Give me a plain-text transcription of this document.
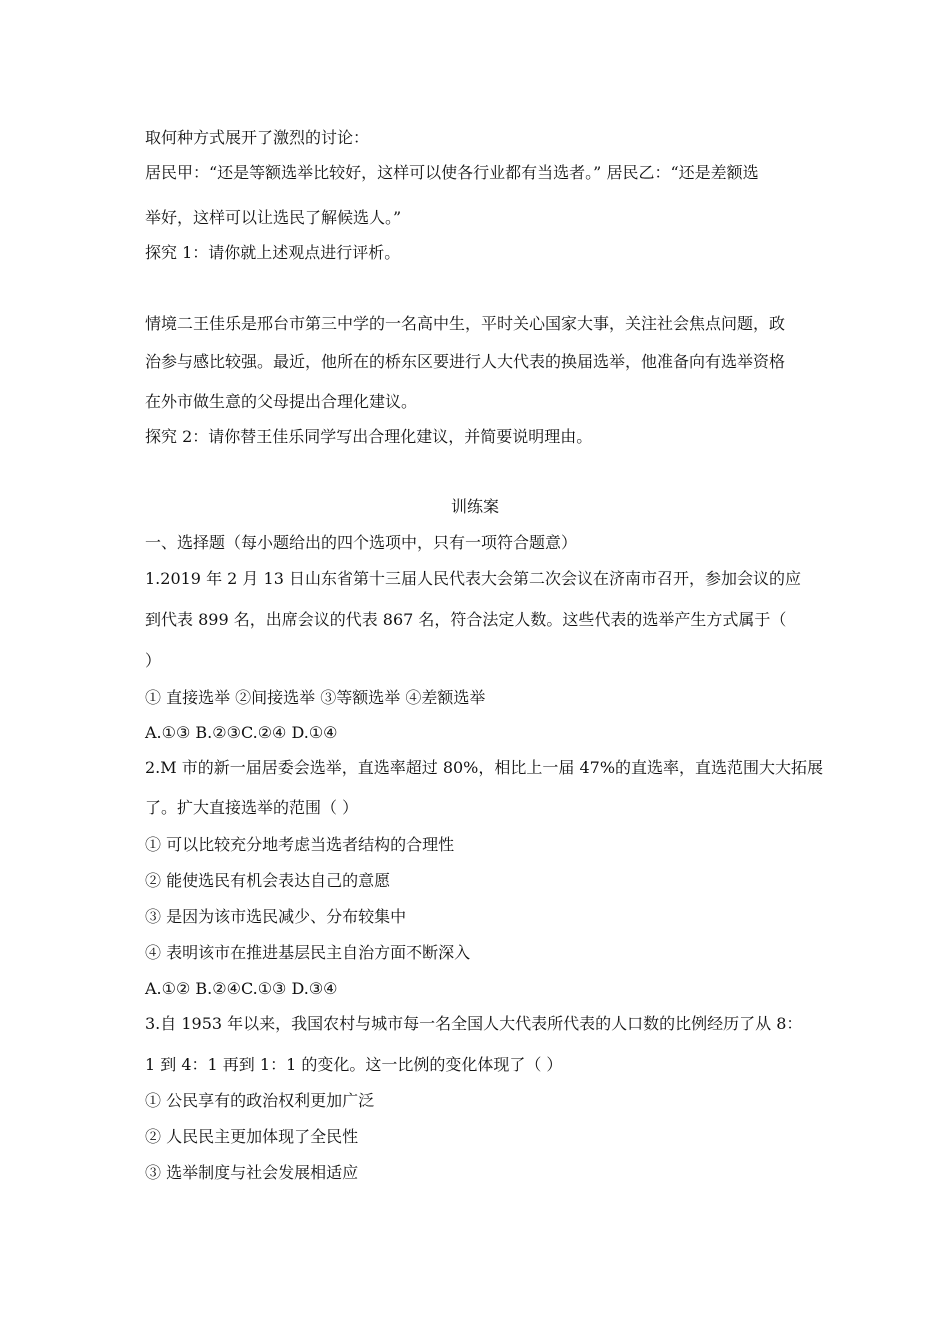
取何种方式展开了激烈的讨论：
居民甲：“还是等额选举比较好，这样可以使各行业都有当选者。” 居民乙：“还是差额选
举好，这样可以让选民了解候选人。”
探究 1：请你就上述观点进行评析。
情境二王佳乐是邢台市第三中学的一名高中生，平时关心国家大事，关注社会焦点问题，政
治参与感比较强。最近，他所在的桥东区要进行人大代表的换届选举，他准备向有选举资格
在外市做生意的父母提出合理化建议。
探究 2：请你替王佳乐同学写出合理化建议，并简要说明理由。
训练案
一、选择题（每小题给出的四个选项中，只有一项符合题意）
1.2019 年 2 月 13 日山东省第十三届人民代表大会第二次会议在济南市召开，参加会议的应
到代表 899 名，出席会议的代表 867 名，符合法定人数。这些代表的选举产生方式属于（
）
① 直接选举 ②间接选举 ③等额选举 ④差额选举
A.①③ B.②③C.②④ D.①④
2.M 市的新一届居委会选举，直选率超过 80%，相比上一届 47%的直选率，直选范围大大拓展
了。扩大直接选举的范围（ ）
① 可以比较充分地考虑当选者结构的合理性
② 能使选民有机会表达自己的意愿
③ 是因为该市选民减少、分布较集中
④ 表明该市在推进基层民主自治方面不断深入
A.①② B.②④C.①③ D.③④
3.自 1953 年以来，我国农村与城市每一名全国人大代表所代表的人口数的比例经历了从 8：
1 到 4：1 再到 1：1 的变化。这一比例的变化体现了（ ）
① 公民享有的政治权利更加广泛
② 人民民主更加体现了全民性
③ 选举制度与社会发展相适应
